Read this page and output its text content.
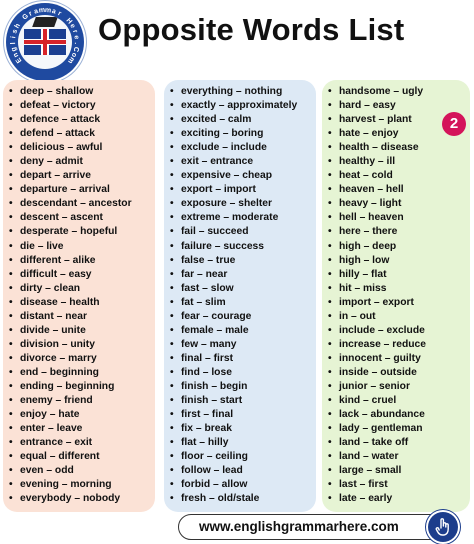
E
n
g
l
i
s
h
G
r a m m a r
H
e
r
e
.
C
o
m
Opposite Words List
• deep – shallow
• defeat – victory
• defence – attack
• defend – attack
• delicious – awful
• deny – admit
• depart – arrive
• departure – arrival
• descendant – ancestor
• descent – ascent
• desperate – hopeful
• die – live
• different – alike
• difficult – easy
• dirty – clean
• disease – health
• distant – near
• divide – unite
• division – unity
• divorce – marry
• end – beginning
• ending – beginning
• enemy – friend
• enjoy – hate
• enter – leave
• entrance – exit
• equal – different
• even – odd
• evening – morning
• everybody – nobody
• everything – nothing
• exactly – approximately
• excited – calm
• exciting – boring
• exclude – include
• exit – entrance
• expensive – cheap
• export – import
• exposure – shelter
• extreme – moderate
• fail – succeed
• failure – success
• false – true
• far – near
• fast – slow
• fat – slim
• fear – courage
• female – male
• few – many
• final – first
• find – lose
• finish – begin
• finish – start
• first – final
• fix – break
• flat – hilly
• floor – ceiling
• follow – lead
• forbid – allow
• fresh – old/stale
• handsome – ugly
• hard – easy
• harvest – plant
• hate – enjoy
• health – disease
• healthy – ill
• heat – cold
• heaven – hell
• heavy – light
• hell – heaven
• here – there
• high – deep
• high – low
• hilly – flat
• hit – miss
• import – export
• in – out
• include – exclude
• increase – reduce
• innocent – guilty
• inside – outside
• junior – senior
• kind – cruel
• lack – abundance
• lady – gentleman
• land – take off
• land – water
• large – small
• last – first
• late – early
2
www.englishgrammarhere.com
